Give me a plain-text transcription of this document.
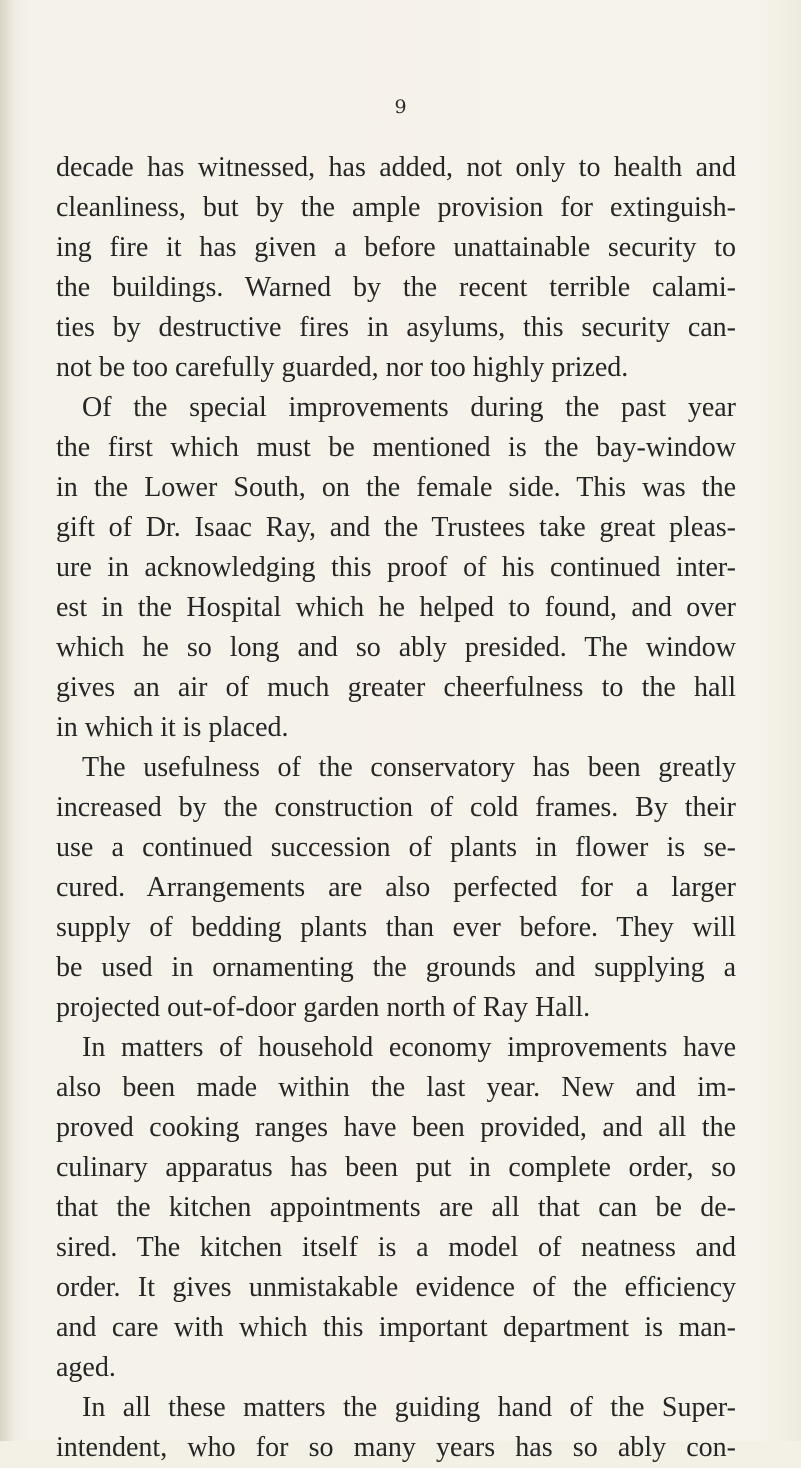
9
decade has witnessed, has added, not only to health and
cleanliness, but by the ample provision for extinguish-
ing fire it has given a before unattainable security to
the buildings. Warned by the recent terrible calami-
ties by destructive fires in asylums, this security can-
not be too carefully guarded, nor too highly prized.
Of the special improvements during the past year
the first which must be mentioned is the bay-window
in the Lower South, on the female side. This was the
gift of Dr. Isaac Ray, and the Trustees take great pleas-
ure in acknowledging this proof of his continued inter-
est in the Hospital which he helped to found, and over
which he so long and so ably presided. The window
gives an air of much greater cheerfulness to the hall
in which it is placed.
The usefulness of the conservatory has been greatly
increased by the construction of cold frames. By their
use a continued succession of plants in flower is se-
cured. Arrangements are also perfected for a larger
supply of bedding plants than ever before. They will
be used in ornamenting the grounds and supplying a
projected out-of-door garden north of Ray Hall.
In matters of household economy improvements have
also been made within the last year. New and im-
proved cooking ranges have been provided, and all the
culinary apparatus has been put in complete order, so
that the kitchen appointments are all that can be de-
sired. The kitchen itself is a model of neatness and
order. It gives unmistakable evidence of the efficiency
and care with which this important department is man-
aged.
In all these matters the guiding hand of the Super-
intendent, who for so many years has so ably con-
